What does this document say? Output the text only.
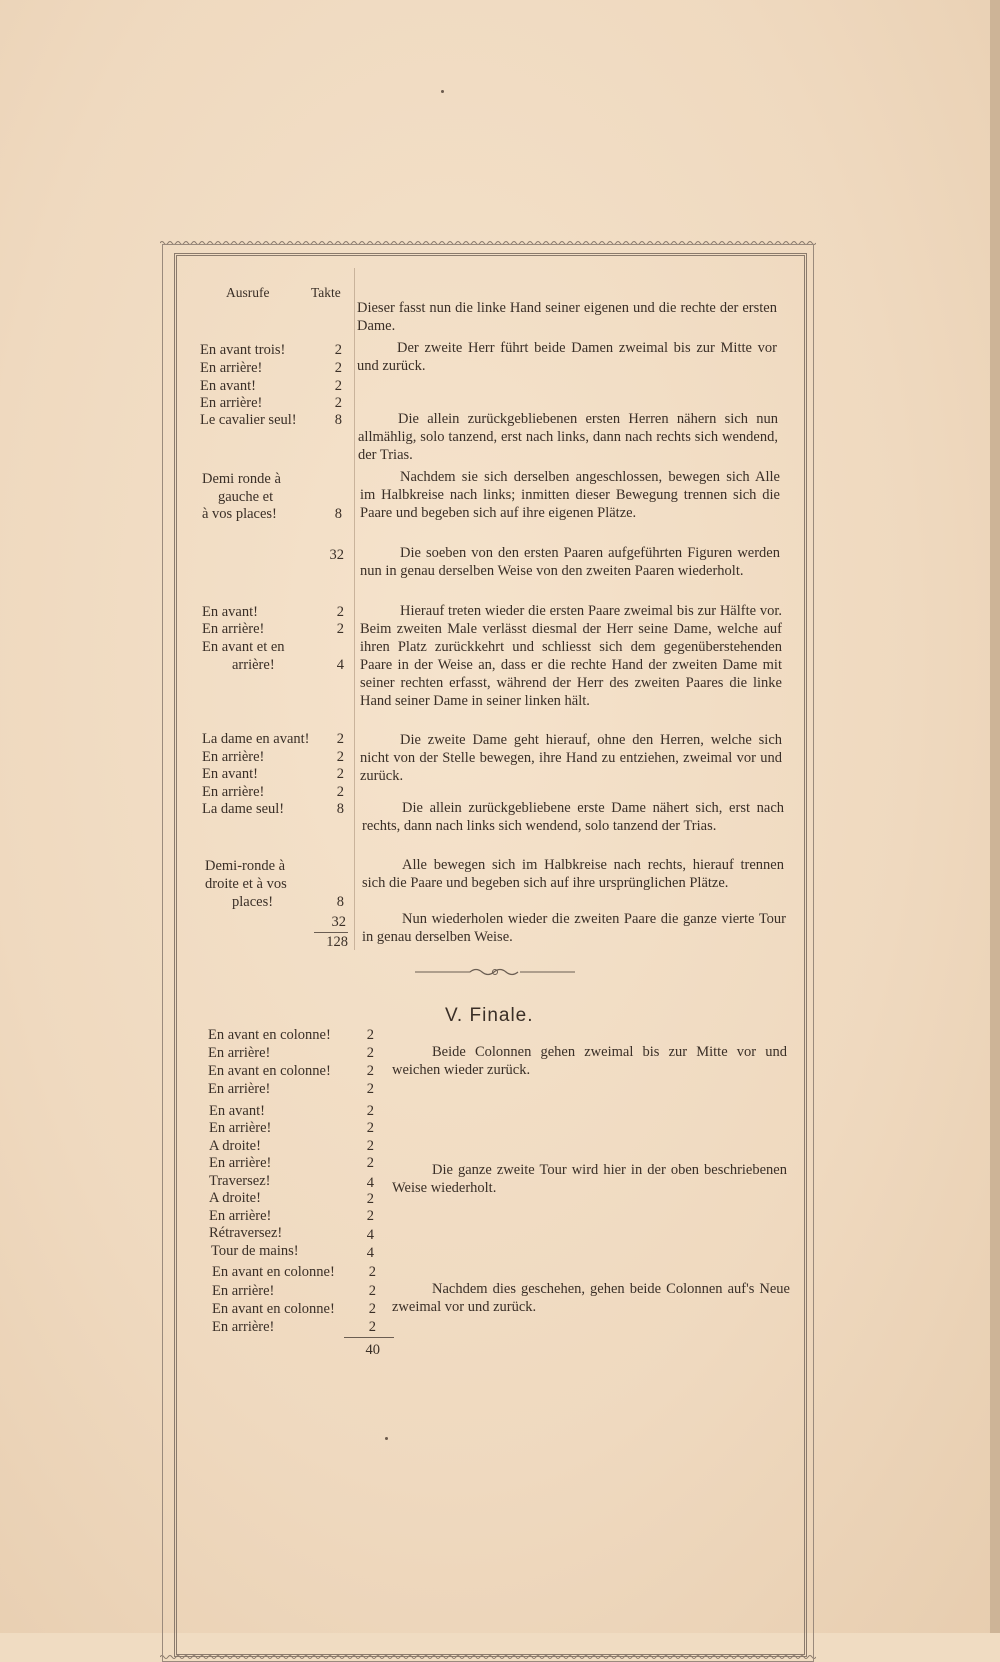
Ausrufe	Takte
En avant trois!	2
En arrière!	2
En avant!	2
En arrière!	2
Le cavalier seul!	8
Demi ronde à
gauche et
à vos places!	8
32
En avant!	2
En arrière!	2
En avant et en
arrière!	4
La dame en avant!	2
En arrière!	2
En avant!	2
En arrière!	2
La dame seul!	8
Demi-ronde à
droite et à vos
places!	8
32
128
Dieser fasst nun die linke Hand seiner eigenen und die rechte der ersten Dame.
Der zweite Herr führt beide Damen zweimal bis zur Mitte vor und zurück.
Die allein zurückgebliebenen ersten Herren nähern sich nun allmählig, solo tanzend, erst nach links, dann nach rechts sich wendend, der Trias.
Nachdem sie sich derselben angeschlossen, bewegen sich Alle im Halbkreise nach links; inmitten dieser Bewegung trennen sich die Paare und begeben sich auf ihre eigenen Plätze.
Die soeben von den ersten Paaren aufgeführten Figuren werden nun in genau derselben Weise von den zweiten Paaren wiederholt.
Hierauf treten wieder die ersten Paare zweimal bis zur Hälfte vor. Beim zweiten Male verlässt diesmal der Herr seine Dame, welche auf ihren Platz zurückkehrt und schliesst sich dem gegenüberstehenden Paare in der Weise an, dass er die rechte Hand der zweiten Dame mit seiner rechten erfasst, während der Herr des zweiten Paares die linke Hand seiner Dame in seiner linken hält.
Die zweite Dame geht hierauf, ohne den Herren, welche sich nicht von der Stelle bewegen, ihre Hand zu entziehen, zweimal vor und zurück.
Die allein zurückgebliebene erste Dame nähert sich, erst nach rechts, dann nach links sich wendend, solo tanzend der Trias.
Alle bewegen sich im Halbkreise nach rechts, hierauf trennen sich die Paare und begeben sich auf ihre ursprünglichen Plätze.
Nun wiederholen wieder die zweiten Paare die ganze vierte Tour in genau derselben Weise.
V. Finale.
En avant en colonne!	2
En arrière!	2
En avant en colonne!	2
En arrière!	2
En avant!	2
En arrière!	2
A droite!	2
En arrière!	2
Traversez!	4
A droite!	2
En arrière!	2
Rétraversez!	4
Tour de mains!	4
En avant en colonne!	2
En arrière!	2
En avant en colonne!	2
En arrière!	2
40
Beide Colonnen gehen zweimal bis zur Mitte vor und weichen wieder zurück.
Die ganze zweite Tour wird hier in der oben beschriebenen Weise wiederholt.
Nachdem dies geschehen, gehen beide Colonnen auf's Neue zweimal vor und zurück.
